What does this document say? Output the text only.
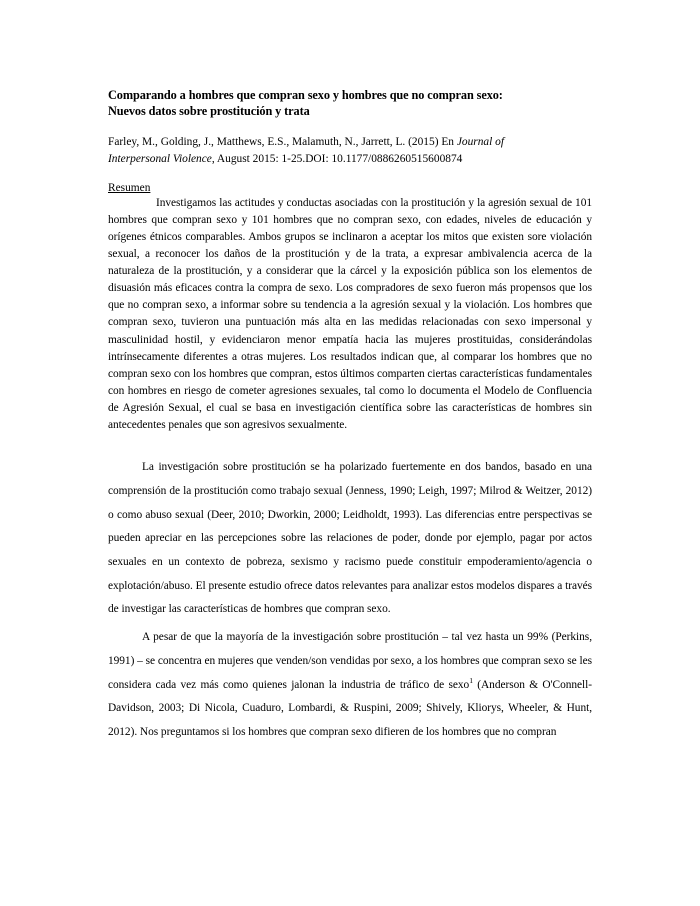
Comparando a hombres que compran sexo y hombres que no compran sexo:
Nuevos datos sobre prostitución y trata

Farley, M., Golding, J., Matthews, E.S., Malamuth, N., Jarrett, L. (2015) En Journal of
Interpersonal Violence, August 2015: 1-25.DOI: 10.1177/0886260515600874

Resumen

Investigamos las actitudes y conductas asociadas con la prostitución y la agresión sexual de 101 hombres que compran sexo y 101 hombres que no compran sexo, con edades, niveles de educación y orígenes étnicos comparables. Ambos grupos se inclinaron a aceptar los mitos que existen sore violación sexual, a reconocer los daños de la prostitución y de la trata, a expresar ambivalencia acerca de la naturaleza de la prostitución, y a considerar que la cárcel y la exposición pública son los elementos de disuasión más eficaces contra la compra de sexo. Los compradores de sexo fueron más propensos que los que no compran sexo, a informar sobre su tendencia a la agresión sexual y la violación. Los hombres que compran sexo, tuvieron una puntuación más alta en las medidas relacionadas con sexo impersonal y masculinidad hostil, y evidenciaron menor empatía hacia las mujeres prostituidas, considerándolas intrínsecamente diferentes a otras mujeres. Los resultados indican que, al comparar los hombres que no compran sexo con los hombres que compran, estos últimos comparten ciertas características fundamentales con hombres en riesgo de cometer agresiones sexuales, tal como lo documenta el Modelo de Confluencia de Agresión Sexual, el cual se basa en investigación científica sobre las características de hombres sin antecedentes penales que son agresivos sexualmente.

La investigación sobre prostitución se ha polarizado fuertemente en dos bandos, basado en una comprensión de la prostitución como trabajo sexual (Jenness, 1990; Leigh, 1997; Milrod & Weitzer, 2012) o como abuso sexual (Deer, 2010; Dworkin, 2000; Leidholdt, 1993). Las diferencias entre perspectivas se pueden apreciar en las percepciones sobre las relaciones de poder, donde por ejemplo, pagar por actos sexuales en un contexto de pobreza, sexismo y racismo puede constituir empoderamiento/agencia o explotación/abuso. El presente estudio ofrece datos relevantes para analizar estos modelos dispares a través de investigar las características de hombres que compran sexo.

A pesar de que la mayoría de la investigación sobre prostitución – tal vez hasta un 99% (Perkins, 1991) – se concentra en mujeres que venden/son vendidas por sexo, a los hombres que compran sexo se les considera cada vez más como quienes jalonan la industria de tráfico de sexo$^1$ (Anderson & O'Connell-Davidson, 2003; Di Nicola, Cuaduro, Lombardi, & Ruspini, 2009; Shively, Kliorys, Wheeler, & Hunt, 2012). Nos preguntamos si los hombres que compran sexo difieren de los hombres que no compran
